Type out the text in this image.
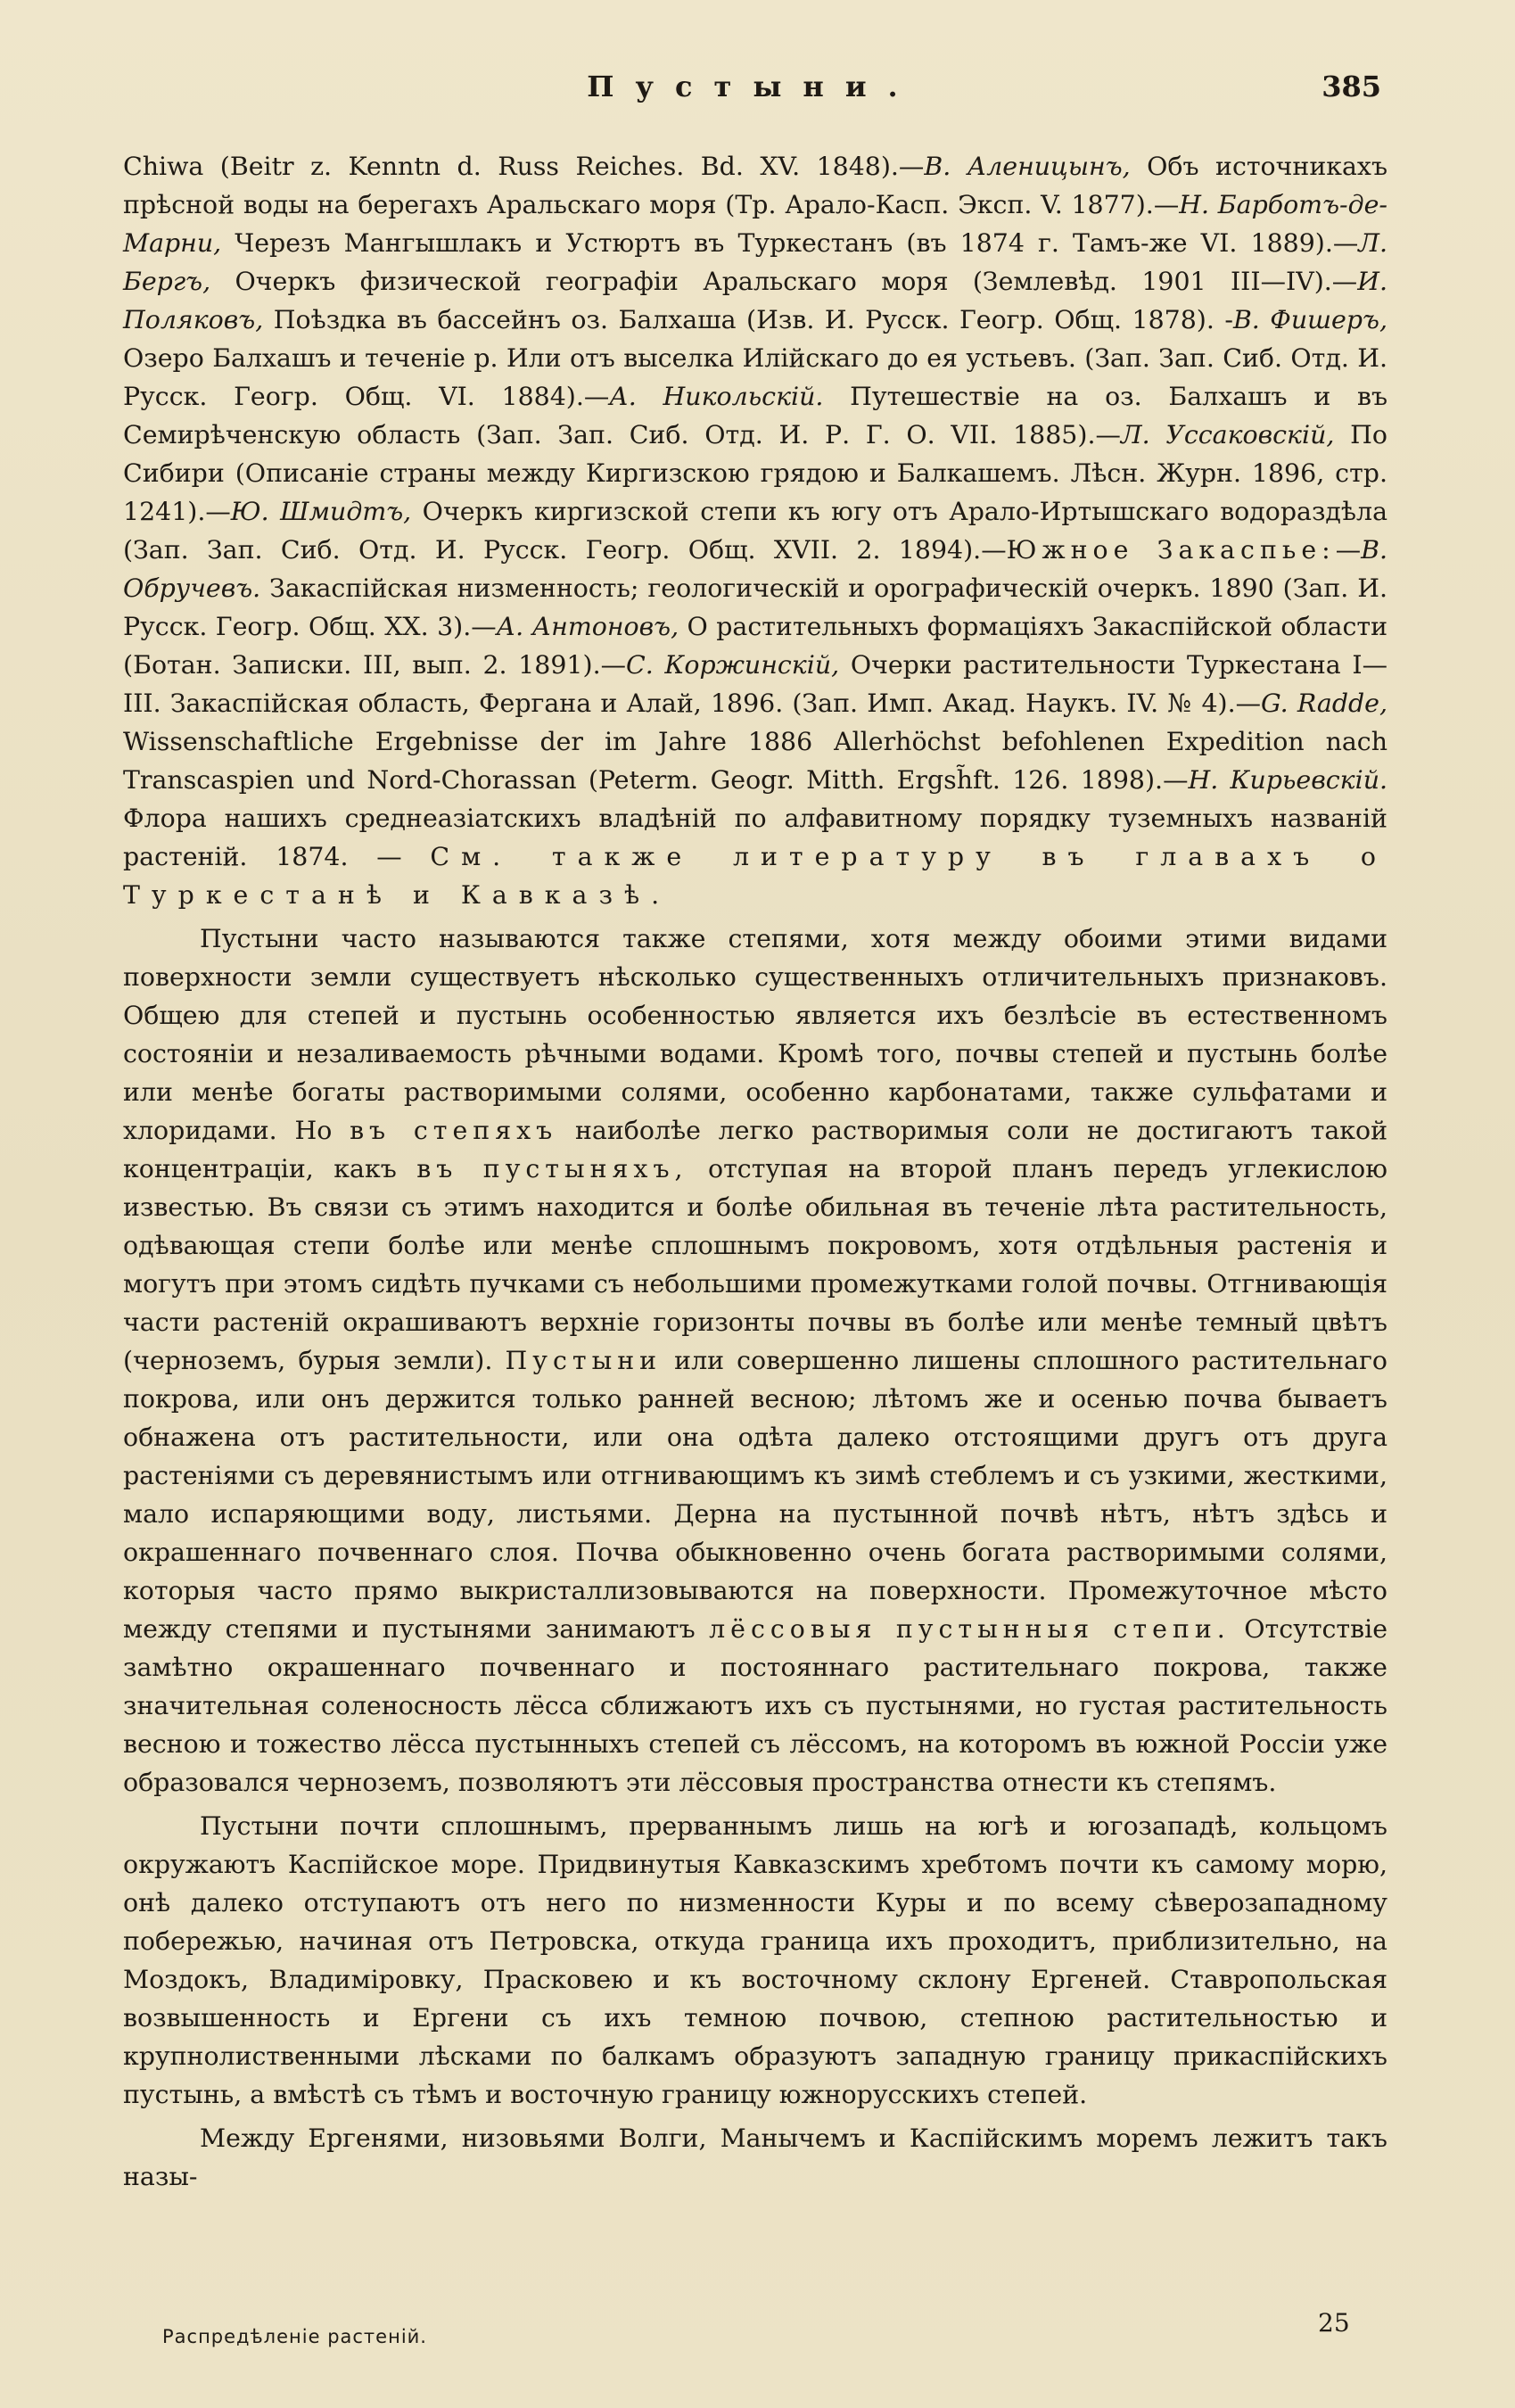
Пустыни.	385

Chiwa (Beitr z. Kenntn d. Russ Reiches. Bd. XV. 1848).—В. Аленицынъ, Объ источникахъ прѣсной воды на берегахъ Аральскаго моря (Тр. Арало-Касп. Эксп. V. 1877).—Н. Барботъ-де-Марни, Черезъ Мангышлакъ и Устюртъ въ Туркестанъ (въ 1874 г. Тамъ-же VI. 1889).—Л. Бергъ, Очеркъ физической географіи Аральскаго моря (Землевѣд. 1901 III—IV).—И. Поляковъ, Поѣздка въ бассейнъ оз. Балхаша (Изв. И. Русск. Геогр. Общ. 1878). -В. Фишеръ, Озеро Балхашъ и теченіе р. Или отъ выселка Илійскаго до ея устьевъ. (Зап. Зап. Сиб. Отд. И. Русск. Геогр. Общ. VI. 1884).—А. Никольскій. Путешествіе на оз. Балхашъ и въ Семирѣченскую область (Зап. Зап. Сиб. Отд. И. Р. Г. О. VII. 1885).—Л. Уссаковскій, По Сибири (Описаніе страны между Киргизскою грядою и Балкашемъ. Лѣсн. Журн. 1896, стр. 1241).—Ю. Шмидтъ, Очеркъ киргизской степи къ югу отъ Арало-Иртышскаго водораздѣла (Зап. Зап. Сиб. Отд. И. Русск. Геогр. Общ. XVII. 2. 1894).—Южное Закаспье:—В. Обручевъ. Закаспійская низменность; геологическій и орографическій очеркъ. 1890 (Зап. И. Русск. Геогр. Общ. XX. 3).—А. Антоновъ, О растительныхъ формаціяхъ Закаспійской области (Ботан. Записки. III, вып. 2. 1891).—С. Коржинскій, Очерки растительности Туркестана I—III. Закаспійская область, Фергана и Алай, 1896. (Зап. Имп. Акад. Наукъ. IV. № 4).—G. Radde, Wissenschaftliche Ergebnisse der im Jahre 1886 Allerhöchst befohlenen Expedition nach Transcaspien und Nord-Chorassan (Peterm. Geogr. Mitth. Ergsh̃ft. 126. 1898).—Н. Кирьевскій. Флора нашихъ среднеазіатскихъ владѣній по алфавитному порядку туземныхъ названій растеній. 1874. — См. также литературу въ главахъ о Туркестанѣ и Кавказѣ.

Пустыни часто называются также степями, хотя между обоими этими видами поверхности земли существуетъ нѣсколько существенныхъ отличительныхъ признаковъ. Общею для степей и пустынь особенностью является ихъ безлѣсіе въ естественномъ состояніи и незаливаемость рѣчными водами. Кромѣ того, почвы степей и пустынь болѣе или менѣе богаты растворимыми солями, особенно карбонатами, также сульфатами и хлоридами. Но въ степяхъ наиболѣе легко растворимыя соли не достигаютъ такой концентраціи, какъ въ пустыняхъ, отступая на второй планъ передъ углекислою известью. Въ связи съ этимъ находится и болѣе обильная въ теченіе лѣта растительность, одѣвающая степи болѣе или менѣе сплошнымъ покровомъ, хотя отдѣльныя растенія и могутъ при этомъ сидѣть пучками съ небольшими промежутками голой почвы. Отгнивающія части растеній окрашиваютъ верхніе горизонты почвы въ болѣе или менѣе темный цвѣтъ (черноземъ, бурыя земли). Пустыни или совершенно лишены сплошного растительнаго покрова, или онъ держится только ранней весною; лѣтомъ же и осенью почва бываетъ обнажена отъ растительности, или она одѣта далеко отстоящими другъ отъ друга растеніями съ деревянистымъ или отгнивающимъ къ зимѣ стеблемъ и съ узкими, жесткими, мало испаряющими воду, листьями. Дерна на пустынной почвѣ нѣтъ, нѣтъ здѣсь и окрашеннаго почвеннаго слоя. Почва обыкновенно очень богата растворимыми солями, которыя часто прямо выкристаллизовываются на поверхности. Промежуточное мѣсто между степями и пустынями занимаютъ лёссовыя пустынныя степи. Отсутствіе замѣтно окрашеннаго почвеннаго и постояннаго растительнаго покрова, также значительная соленосность лёсса сближаютъ ихъ съ пустынями, но густая растительность весною и тожество лёсса пустынныхъ степей съ лёссомъ, на которомъ въ южной Россіи уже образовался черноземъ, позволяютъ эти лёссовыя пространства отнести къ степямъ.

Пустыни почти сплошнымъ, прерваннымъ лишь на югѣ и югозападѣ, кольцомъ окружаютъ Каспійское море. Придвинутыя Кавказскимъ хребтомъ почти къ самому морю, онѣ далеко отступаютъ отъ него по низменности Куры и по всему сѣверозападному побережью, начиная отъ Петровска, откуда граница ихъ проходитъ, приблизительно, на Моздокъ, Владиміровку, Прасковею и къ восточному склону Ергеней. Ставропольская возвышенность и Ергени съ ихъ темною почвою, степною растительностью и крупнолиственными лѣсками по балкамъ образуютъ западную границу прикаспійскихъ пустынь, а вмѣстѣ съ тѣмъ и восточную границу южнорусскихъ степей.

Между Ергенями, низовьями Волги, Манычемъ и Каспійскимъ моремъ лежитъ такъ назы-

Распредѣленіе растеній.	25
